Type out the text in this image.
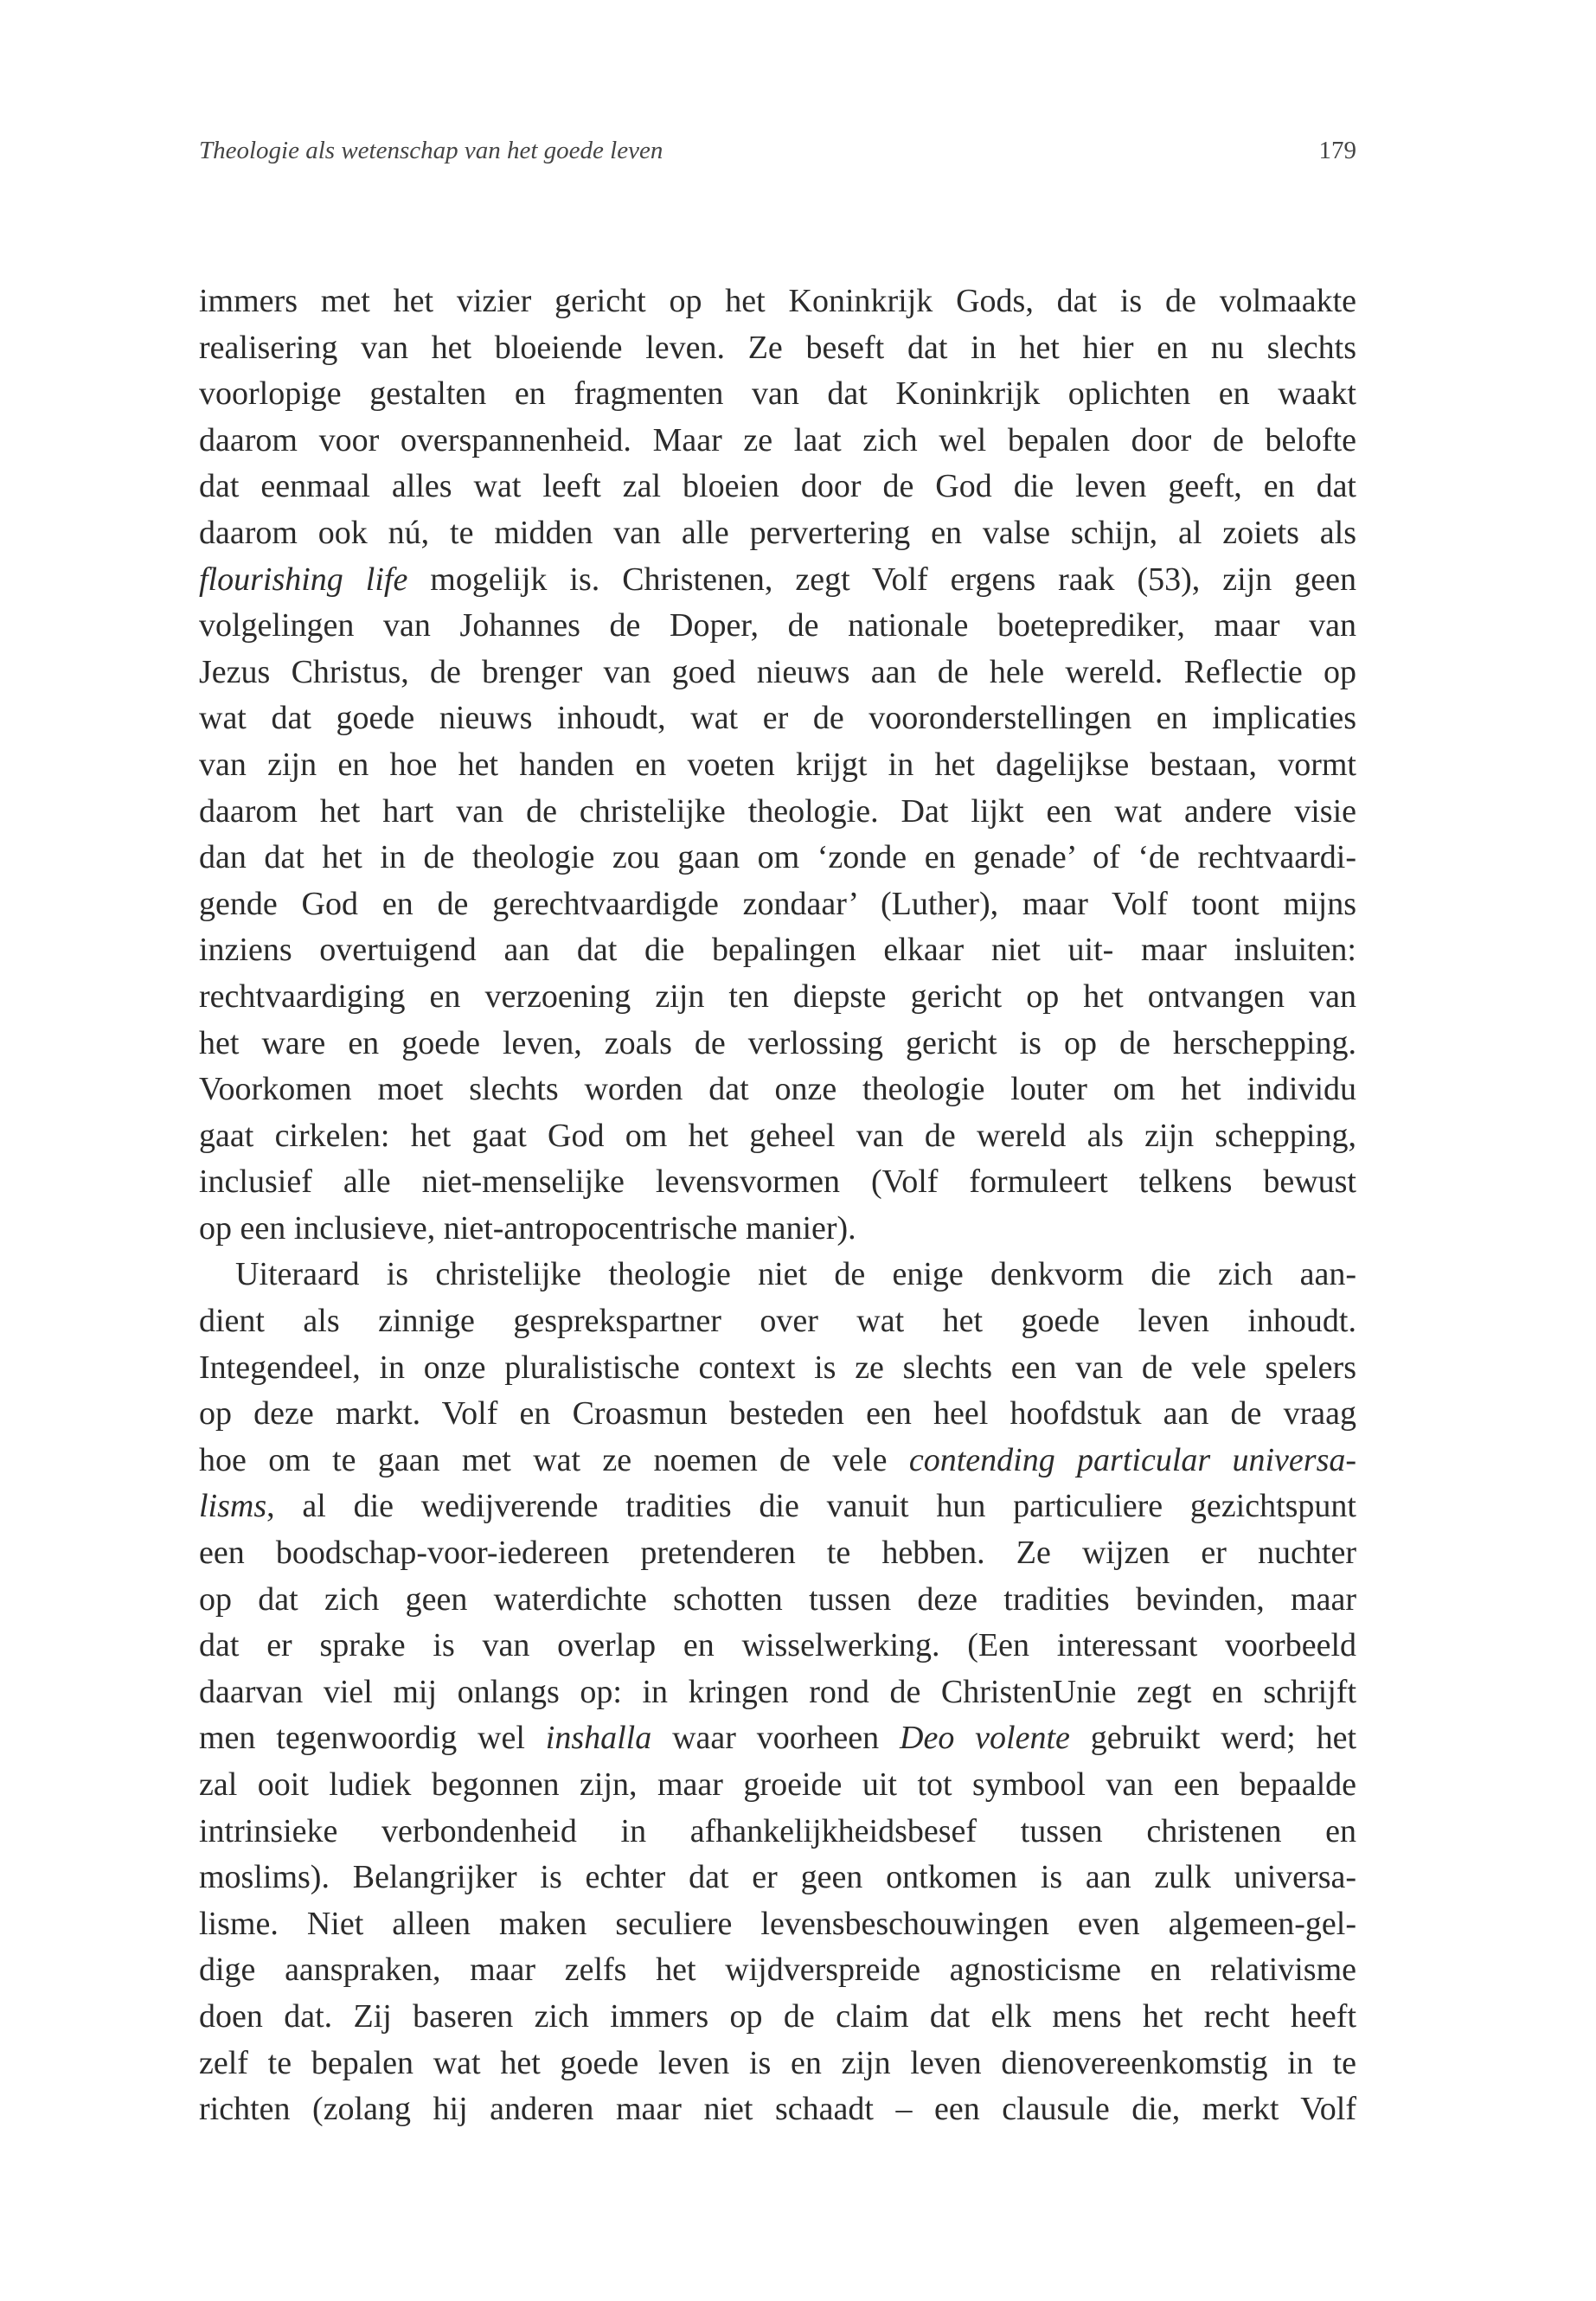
Theologie als wetenschap van het goede leven	179
immers met het vizier gericht op het Koninkrijk Gods, dat is de volmaakte
realisering van het bloeiende leven. Ze beseft dat in het hier en nu slechts
voorlopige gestalten en fragmenten van dat Koninkrijk oplichten en waakt
daarom voor overspannenheid. Maar ze laat zich wel bepalen door de belofte
dat eenmaal alles wat leeft zal bloeien door de God die leven geeft, en dat
daarom ook nú, te midden van alle pervertering en valse schijn, al zoiets als
flourishing life mogelijk is. Christenen, zegt Volf ergens raak (53), zijn geen
volgelingen van Johannes de Doper, de nationale boeteprediker, maar van
Jezus Christus, de brenger van goed nieuws aan de hele wereld. Reflectie op
wat dat goede nieuws inhoudt, wat er de vooronderstellingen en implicaties
van zijn en hoe het handen en voeten krijgt in het dagelijkse bestaan, vormt
daarom het hart van de christelijke theologie. Dat lijkt een wat andere visie
dan dat het in de theologie zou gaan om ‘zonde en genade’ of ‘de rechtvaardi-
gende God en de gerechtvaardigde zondaar’ (Luther), maar Volf toont mijns
inziens overtuigend aan dat die bepalingen elkaar niet uit- maar insluiten:
rechtvaardiging en verzoening zijn ten diepste gericht op het ontvangen van
het ware en goede leven, zoals de verlossing gericht is op de herschepping.
Voorkomen moet slechts worden dat onze theologie louter om het individu
gaat cirkelen: het gaat God om het geheel van de wereld als zijn schepping,
inclusief alle niet-menselijke levensvormen (Volf formuleert telkens bewust
op een inclusieve, niet-antropocentrische manier).
Uiteraard is christelijke theologie niet de enige denkvorm die zich aan-
dient als zinnige gesprekspartner over wat het goede leven inhoudt.
Integendeel, in onze pluralistische context is ze slechts een van de vele spelers
op deze markt. Volf en Croasmun besteden een heel hoofdstuk aan de vraag
hoe om te gaan met wat ze noemen de vele contending particular universa-
lisms, al die wedijverende tradities die vanuit hun particuliere gezichtspunt
een boodschap-voor-iedereen pretenderen te hebben. Ze wijzen er nuchter
op dat zich geen waterdichte schotten tussen deze tradities bevinden, maar
dat er sprake is van overlap en wisselwerking. (Een interessant voorbeeld
daarvan viel mij onlangs op: in kringen rond de ChristenUnie zegt en schrijft
men tegenwoordig wel inshalla waar voorheen Deo volente gebruikt werd; het
zal ooit ludiek begonnen zijn, maar groeide uit tot symbool van een bepaalde
intrinsieke verbondenheid in afhankelijkheidsbesef tussen christenen en
moslims). Belangrijker is echter dat er geen ontkomen is aan zulk universa-
lisme. Niet alleen maken seculiere levensbeschouwingen even algemeen-gel-
dige aanspraken, maar zelfs het wijdverspreide agnosticisme en relativisme
doen dat. Zij baseren zich immers op de claim dat elk mens het recht heeft
zelf te bepalen wat het goede leven is en zijn leven dienovereenkomstig in te
richten (zolang hij anderen maar niet schaadt – een clausule die, merkt Volf
